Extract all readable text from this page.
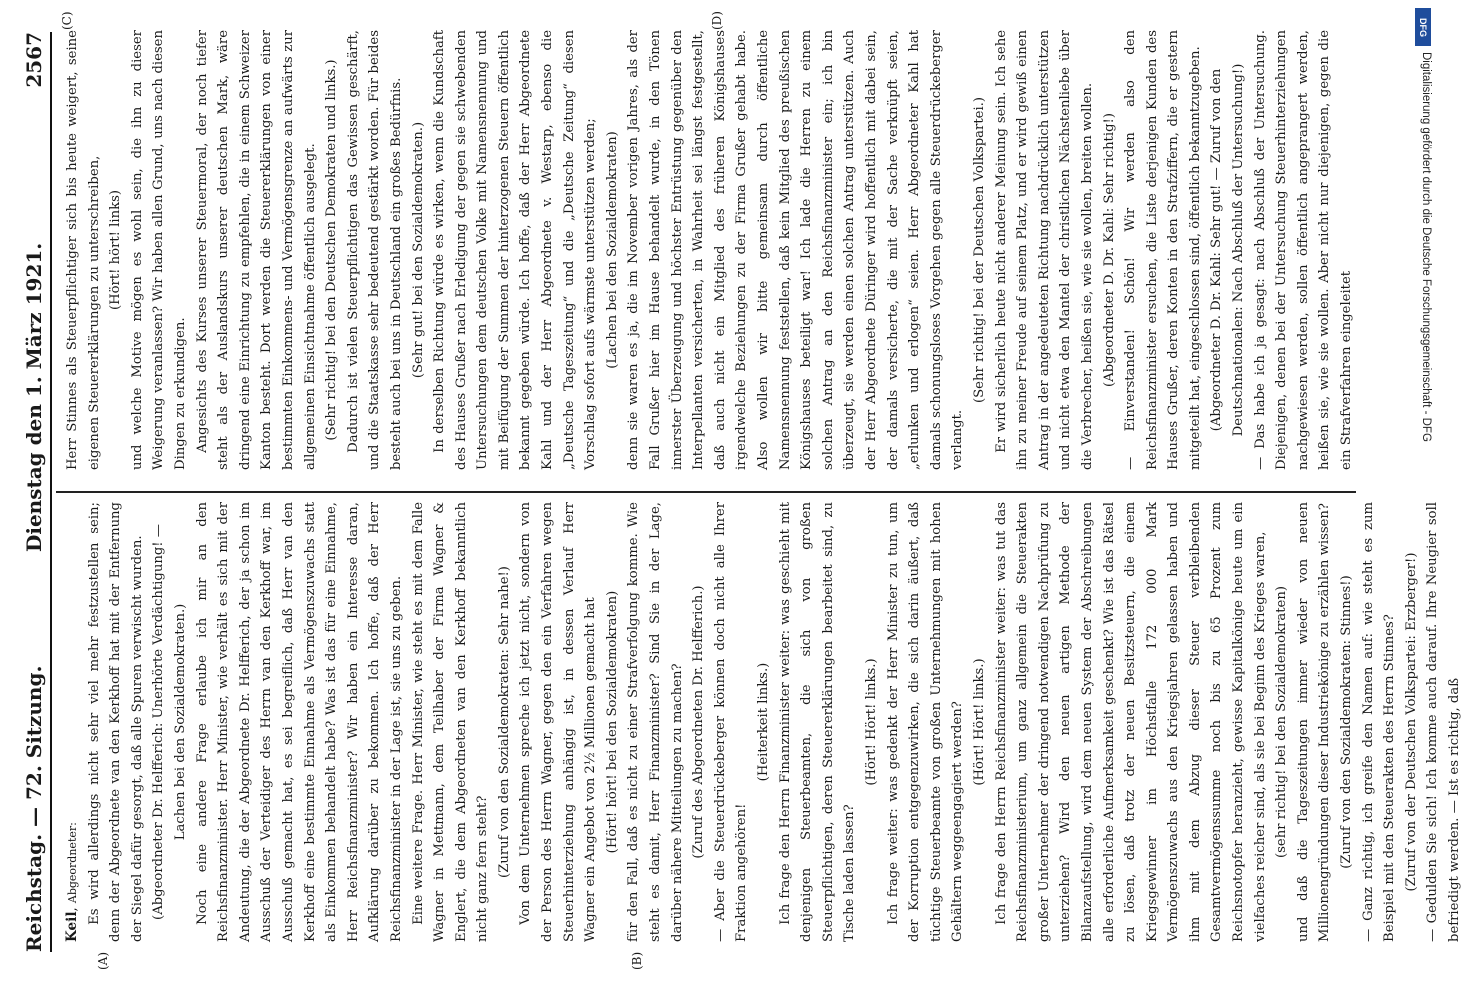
Reichstag. — 72. Sitzung.
Dienstag den 1. März 1921.
2567
(A)	(B)
(C)	(D)

Keil, Abgeordneter: Es wird allerdings nicht sehr viel mehr festzustellen sein; denn der Abgeordnete van den Kerkhoff hat mit der Entfernung der Siegel dafür gesorgt, daß alle Spuren verwischt wurden. (Abgeordneter Dr. Helfferich: Unerhörte Verdächtigung! — Lachen bei den Sozialdemokraten.) Noch eine andere Frage erlaube ich mir an den Reichsfinanzminister. Herr Minister, wie verhält es sich mit der Andeutung, die der Abgeordnete Dr. Helfferich, der ja schon im Ausschuß der Verteidiger des Herrn van den Kerkhoff war, im Ausschuß gemacht hat, es sei begreiflich, daß Herr van den Kerkhoff eine bestimmte Einnahme als Vermögenszuwachs statt als Einkommen behandelt habe? Was ist das für eine Einnahme, Herr Reichsfinanzminister? Wir haben ein Interesse daran, Aufklärung darüber zu bekommen. Ich hoffe, daß der Herr Reichsfinanzminister in der Lage ist, sie uns zu geben. Eine weitere Frage. Herr Minister, wie steht es mit dem Falle Wagner in Mettmann, dem Teilhaber der Firma Wagner & Englert, die dem Abgeordneten van den Kerkhoff bekanntlich nicht ganz fern steht? (Zuruf von den Sozialdemokraten: Sehr nahe!) Von dem Unternehmen spreche ich jetzt nicht, sondern von der Person des Herrn Wagner, gegen den ein Verfahren wegen Steuerhinterziehung anhängig ist, in dessen Verlauf Herr Wagner ein Angebot von 2½ Millionen gemacht hat (Hört! hört! bei den Sozialdemokraten) für den Fall, daß es nicht zu einer Strafverfolgung komme. Wie steht es damit, Herr Finanzminister? Sind Sie in der Lage, darüber nähere Mitteilungen zu machen? (Zuruf des Abgeordneten Dr. Helfferich.) — Aber die Steuerdrückeberger können doch nicht alle Ihrer Fraktion angehören!

(Heiterkeit links.) Ich frage den Herrn Finanzminister weiter: was geschieht mit denjenigen Steuerbeamten, die sich von großen Steuerpflichtigen, deren Steuererklärungen bearbeitet sind, zu Tische laden lassen?

(Hört! Hört! links.) Ich frage weiter: was gedenkt der Herr Minister zu tun, um der Korruption entgegenzuwirken, die sich darin äußert, daß tüchtige Steuerbeamte von großen Unternehmungen mit hohen Gehältern weggeengagiert werden? (Hört! Hört! links.) Ich frage den Herrn Reichsfinanzminister weiter: was tut das Reichsfinanzministerium, um ganz allgemein die Steuerakten großer Unternehmer der dringend notwendigen Nachprüfung zu unterziehen? Wird den neuen artigen Methode der Bilanzaufstellung, wird dem neuen System der Abschreibungen alle erforderliche Aufmerksamkeit geschenkt? Wie ist das Rätsel zu lösen, daß trotz der neuen Besitzsteuern, die einem Kriegsgewinner im Höchstfalle 172 000 Mark Vermögenszuwachs aus den Kriegsjahren gelassen haben und ihm mit dem Abzug dieser Steuer verbleibenden Gesamtvermögenssumme noch bis zu 65 Prozent zum Reichsnotopfer heranzieht, gewisse Kapitalkönige heute um ein vielfaches reicher sind, als sie bei Beginn des Krieges waren, (sehr richtig! bei den Sozialdemokraten) und daß die Tageszeitungen immer wieder von neuen Millionengründungen dieser Industriekönige zu erzählen wissen? (Zuruf von den Sozialdemokraten: Stinnes!) — Ganz richtig, ich greife den Namen auf: wie steht es zum Beispiel mit den Steuerakten des Herrn Stinnes? (Zuruf von der Deutschen Volkspartei: Erzberger!) — Gedulden Sie sich! Ich komme auch darauf. Ihre Neugier soll befriedigt werden. — Ist es richtig, daß

Herr Stinnes als Steuerpflichtiger sich bis heute weigert, seine eigenen Steuererklärungen zu unterschreiben, (Hört! hört! links) und welche Motive mögen es wohl sein, die ihn zu dieser Weigerung veranlassen? Wir haben allen Grund, uns nach diesen Dingen zu erkundigen. Angesichts des Kurses unserer Steuermoral, der noch tiefer steht als der Auslandskurs unserer deutschen Mark, wäre dringend eine Einrichtung zu empfehlen, die in einem Schweizer Kanton besteht. Dort werden die Steuererklärungen von einer bestimmten Einkommens- und Vermögensgrenze an aufwärts zur allgemeinen Einsichtnahme öffentlich ausgelegt. (Sehr richtig! bei den Deutschen Demokraten und links.) Dadurch ist vielen Steuerpflichtigen das Gewissen geschärft, und die Staatskasse sehr bedeutend gestärkt worden. Für beides besteht auch bei uns in Deutschland ein großes Bedürfnis. (Sehr gut! bei den Sozialdemokraten.) In derselben Richtung würde es wirken, wenn die Kundschaft des Hauses Grußer nach Erledigung der gegen sie schwebenden Untersuchungen dem deutschen Volke mit Namensnennung und mit Beifügung der Summen der hinterzogenen Steuern öffentlich bekannt gegeben würde. Ich hoffe, daß der Herr Abgeordnete Kahl und der Herr Abgeordnete v. Westarp, ebenso die „Deutsche Tageszeitung“ und die „Deutsche Zeitung“ diesen Vorschlag sofort aufs wärmste unterstützen werden; (Lachen bei den Sozialdemokraten) denn sie waren es ja, die im November vorigen Jahres, als der Fall Grußer hier im Hause behandelt wurde, in den Tönen innerster Überzeugung und höchster Entrüstung gegenüber den Interpellanten versicherten, in Wahrheit sei längst festgestellt, daß auch nicht ein Mitglied des früheren Königshauses irgendwelche Beziehungen zu der Firma Grußer gehabt habe. Also wollen wir bitte gemeinsam durch öffentliche Namensnennung feststellen, daß kein Mitglied des preußischen Königshauses beteiligt war! Ich lade die Herren zu einem solchen Antrag an den Reichsfinanzminister ein; ich bin überzeugt, sie werden einen solchen Antrag unterstützen. Auch der Herr Abgeordnete Düringer wird hoffentlich mit dabei sein, der damals versicherte, die mit der Sache verknüpft seien, „erlunken und erlogen“ seien. Herr Abgeordneter Kahl hat damals schonungsloses Vorgehen gegen alle Steuerdrückeberger verlangt.

(Sehr richtig! bei der Deutschen Volkspartei.) Er wird sicherlich heute nicht anderer Meinung sein. Ich sehe ihn zu meiner Freude auf seinem Platz, und er wird gewiß einen Antrag in der angedeuteten Richtung nachdrücklich unterstützen und nicht etwa den Mantel der christlichen Nächstenliebe über die Verbrecher, heißen sie, wie sie wollen, breiten wollen. (Abgeordneter D. Dr. Kahl: Sehr richtig!) — Einverstanden! Schön! Wir werden also den Reichsfinanzminister ersuchen, die Liste derjenigen Kunden des Hauses Grußer, deren Konten in den Strafziffern, die er gestern mitgeteilt hat, eingeschlossen sind, öffentlich bekanntzugeben. (Abgeordneter D. Dr. Kahl: Sehr gut! — Zuruf von den Deutschnationalen: Nach Abschluß der Untersuchung!) — Das habe ich ja gesagt: nach Abschluß der Untersuchung. Diejenigen, denen bei der Untersuchung Steuerhinterziehungen nachgewiesen werden, sollen öffentlich angeprangert werden, heißen sie, wie sie wollen. Aber nicht nur diejenigen, gegen die ein Strafverfahren eingeleitet	Digitalisierung gefördert durch die Deutsche Forschungsgemeinschaft - DFG
DFG
